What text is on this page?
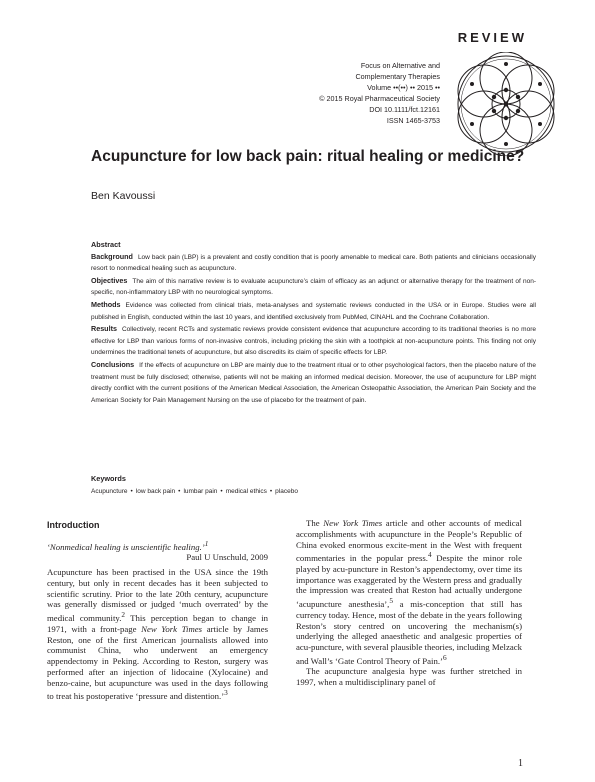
REVIEW
Focus on Alternative and
Complementary Therapies
Volume ••(••) •• 2015 ••
© 2015 Royal Pharmaceutical Society
DOI 10.1111/fct.12161
ISSN 1465-3753
Acupuncture for low back pain: ritual healing or medicine?
Ben Kavoussi
Abstract

Background Low back pain (LBP) is a prevalent and costly condition that is poorly amenable to medical care. Both patients and clinicians occasionally resort to nonmedical healing such as acupuncture.

Objectives The aim of this narrative review is to evaluate acupuncture’s claim of efficacy as an adjunct or alternative therapy for the treatment of non-specific, non-inflammatory LBP with no neurological symptoms.

Methods Evidence was collected from clinical trials, meta-analyses and systematic reviews conducted in the USA or in Europe. Studies were all published in English, conducted within the last 10 years, and identified exclusively from PubMed, CINAHL and the Cochrane Collaboration.

Results Collectively, recent RCTs and systematic reviews provide consistent evidence that acupuncture according to its traditional theories is no more effective for LBP than various forms of non-invasive controls, including pricking the skin with a toothpick at non-acupuncture points. This finding not only undermines the traditional tenets of acupuncture, but also discredits its claim of specific effects for LBP.

Conclusions If the effects of acupuncture on LBP are mainly due to the treatment ritual or to other psychological factors, then the placebo nature of the treatment must be fully disclosed; otherwise, patients will not be making an informed medical decision. Moreover, the use of acupuncture for LBP might directly conflict with the current positions of the American Medical Association, the American Osteopathic Association, the American Pain Society and the American Society for Pain Management Nursing on the use of placebo for the treatment of pain.

Keywords
Acupuncture • low back pain • lumbar pain • medical ethics • placebo
Introduction

‘Nonmedical healing is unscientific healing.’$^1$

Paul U Unschuld, 2009

Acupuncture has been practised in the USA since the 19th century, but only in recent decades has it been subjected to scientific scrutiny. Prior to the late 20th century, acupuncture was generally dismissed or judged ‘much overrated’ by the medical community.$^2$ This perception began to change in 1971, with a front-page New York Times article by James Reston, one of the first American journalists allowed into communist China, who underwent an emergency appendectomy in Peking. According to Reston, surgery was performed after an injection of lidocaine (Xylocaine) and benzo-caine, but acupuncture was used in the days following to treat his postoperative ‘pressure and distention.’$^3$

The New York Times article and other accounts of medical accomplishments with acupuncture in the People’s Republic of China evoked enormous excite-ment in the West with frequent commentaries in the popular press.$^4$ Despite the minor role played by acu-puncture in Reston’s appendectomy, over time its importance was exaggerated by the Western press and gradually the impression was created that Reston had actually undergone ‘acupuncture anesthesia’,$^5$ a mis-conception that still has currency today. Hence, most of the debate in the years following Reston’s story centred on uncovering the mechanism(s) underlying the alleged anaesthetic and analgesic properties of acu-puncture, with several plausible theories, including Melzack and Wall’s ‘Gate Control Theory of Pain.’$^6$

The acupuncture analgesia hype was further stretched in 1997, when a multidisciplinary panel of

1
